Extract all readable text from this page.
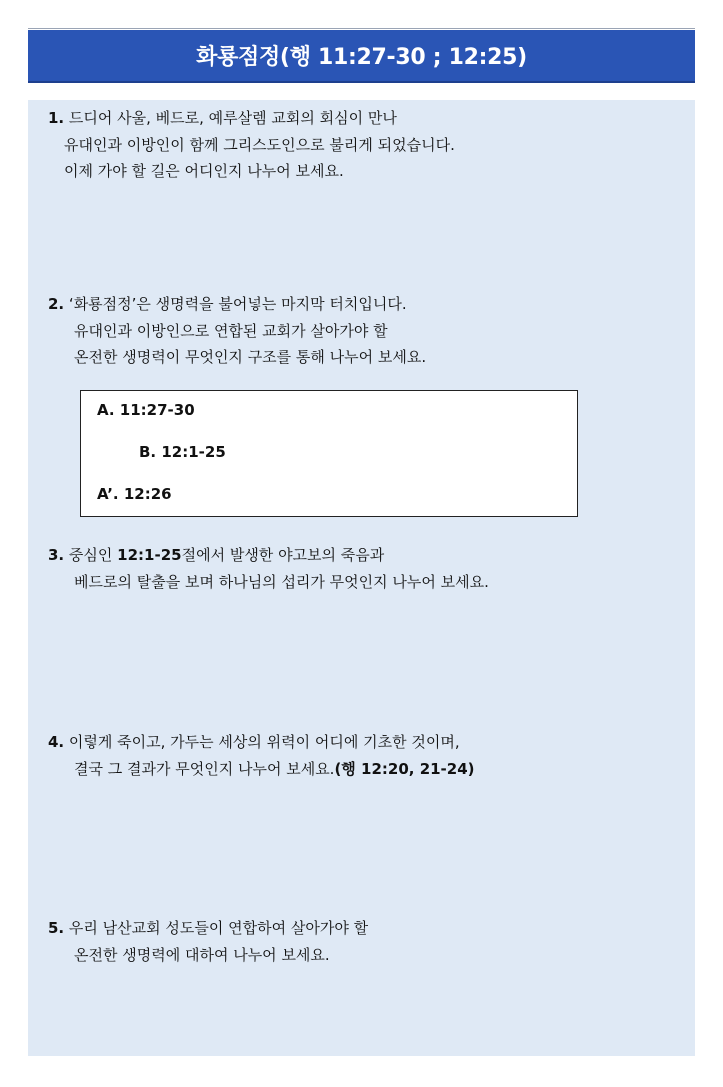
화룡점정(행 11:27-30 ; 12:25)
1. 드디어 사울, 베드로, 예루살렘 교회의 회심이 만나
유대인과 이방인이 함께 그리스도인으로 불리게 되었습니다.
이제 가야 할 길은 어디인지 나누어 보세요.
2. ‘화룡점정’은 생명력을 불어넣는 마지막 터치입니다.
유대인과 이방인으로 연합된 교회가 살아가야 할
온전한 생명력이 무엇인지 구조를 통해 나누어 보세요.
A. 11:27-30
B. 12:1-25
A’. 12:26
3. 중심인 12:1-25절에서 발생한 야고보의 죽음과
베드로의 탈출을 보며 하나님의 섭리가 무엇인지 나누어 보세요.
4. 이렇게 죽이고, 가두는 세상의 위력이 어디에 기초한 것이며,
결국 그 결과가 무엇인지 나누어 보세요.(행 12:20, 21-24)
5. 우리 남산교회 성도들이 연합하여 살아가야 할
온전한 생명력에 대하여 나누어 보세요.
